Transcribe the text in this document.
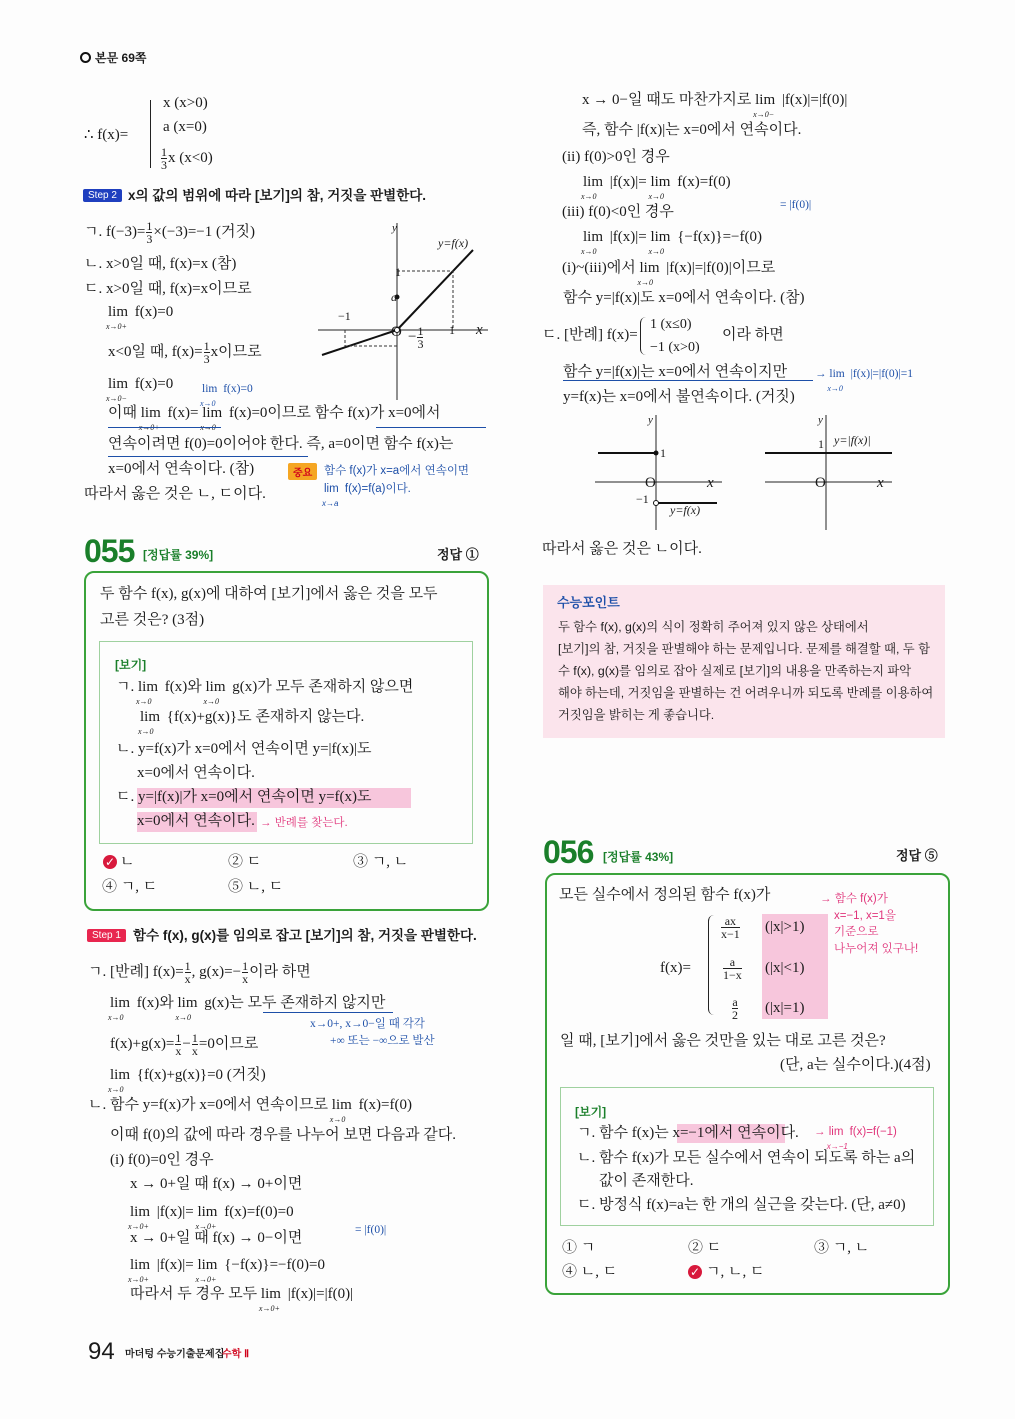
본문 69쪽
∴ f(x)=
x (x>0)
a (x=0)
$\frac{1}{3}$ x (x<0)
Step 2 x의 값의 범위에 따라 [보기]의 참, 거짓을 판별한다.
ㄱ. $f(-3)= \frac{1}{3} \times(-3)=-1$ (거짓)
ㄴ. x>0일 때, f(x)=x (참)
ㄷ. x>0일 때, f(x)=x이므로
lim
x→0+
f(x)=0
x<0일 때, $f(x)= \frac{1}{3}$ x이므로
lim
x→0−
f(x)=0
이때 lim
x→0+
f(x)= lim
x→0−
f(x)=0이므로 함수 f(x)가 x=0에서
연속이려면 f(0)=0이어야 한다. 즉, a=0이면 함수 f(x)는
x=0에서 연속이다. (참)
따라서 옳은 것은 ㄴ, ㄷ이다.
lim
x→0
f(x)=0
중요	함수 f(x)가 x=a에서 연속이면
lim
x→a
f(x)=f(a)이다.
y
x
O
1
a
−1
1
− $\frac{1}{3}$
y=f(x)
055 [정답률 39%]	정답 ①
두 함수 f(x), g(x)에 대하여 [보기]에서 옳은 것을 모두
고른 것은? (3점)
[보기]
ㄱ. lim
x→0
f(x)와 lim
x→0
g(x)가 모두 존재하지 않으면
lim
x→0
{f(x)+g(x)}도 존재하지 않는다.
ㄴ. y=f(x)가 x=0에서 연속이면 y=|f(x)|도
x=0에서 연속이다.
ㄷ. y=|f(x)|가 x=0에서 연속이면 y=f(x)도
x=0에서 연속이다. → 반례를 찾는다.
✓ ㄴ	② ㄷ	③ ㄱ, ㄴ
④ ㄱ, ㄷ	⑤ ㄴ, ㄷ
Step 1 함수 f(x), g(x)를 임의로 잡고 [보기]의 참, 거짓을 판별한다.
ㄱ. [반례] $f(x)= \frac{1}{x}$ , $g(x)=- \frac{1}{x}$ 이라 하면
lim
x→0
f(x)와 lim
x→0
g(x)는 모두 존재하지 않지만
x→0+, x→0−일 때 각각
$f(x)+g(x)= \frac{1}{x} - \frac{1}{x} =0$이므로	+∞ 또는 −∞으로 발산
lim
x→0
{f(x)+g(x)}=0 (거짓)
ㄴ. 함수 y=f(x)가 x=0에서 연속이므로 lim
x→0
f(x)=f(0)
이때 f(0)의 값에 따라 경우를 나누어 보면 다음과 같다.
(i) f(0)=0인 경우
x → 0+일 때 f(x) → 0+이면
lim
x→0+
|f(x)|= lim
x→0+
f(x)=f(0)=0
= |f(0)|
x → 0+일 때 f(x) → 0−이면
lim
x→0+
|f(x)|= lim
x→0+
{−f(x)}=−f(0)=0
따라서 두 경우 모두 lim
x→0+
|f(x)|=|f(0)|
x → 0−일 때도 마찬가지로 lim
x→0−
|f(x)|=|f(0)|
즉, 함수 |f(x)|는 x=0에서 연속이다.
(ii) f(0)>0인 경우
lim
x→0
|f(x)|= lim
x→0
f(x)=f(0)
= |f(0)|
(iii) f(0)<0인 경우
lim
x→0
|f(x)|= lim
x→0
{−f(x)}=−f(0)
(i)~(iii)에서 lim
x→0
|f(x)|=|f(0)|이므로
함수 y=|f(x)|도 x=0에서 연속이다. (참)
ㄷ. [반례] f(x)=
1 (x≤0)
−1 (x>0)
이라 하면
함수 y=|f(x)|는 x=0에서 연속이지만 → lim
x→0
|f(x)|=|f(0)|=1
y=f(x)는 x=0에서 불연속이다. (거짓)
y
x
O
1
−1
y=f(x)
y
x
O
1 y=|f(x)|
따라서 옳은 것은 ㄴ이다.
수능포인트
두 함수 f(x), g(x)의 식이 정확히 주어져 있지 않은 상태에서
[보기]의 참, 거짓을 판별해야 하는 문제입니다. 문제를 해결할 때, 두 함
수 f(x), g(x)를 임의로 잡아 실제로 [보기]의 내용을 만족하는지 파악
해야 하는데, 거짓임을 판별하는 건 어려우니까 되도록 반례를 이용하여
거짓임을 밝히는 게 좋습니다.
056 [정답률 43%]	정답 ⑤
모든 실수에서 정의된 함수 f(x)가
f(x)=
$\frac{ax}{x-1} (|x|>1)$
$\frac{a}{1-x} (|x|<1)$
$\frac{a}{2} (|x|=1)$
→ 함수 f(x)가
x=−1, x=1을
기준으로
나누어져 있구나!
일 때, [보기]에서 옳은 것만을 있는 대로 고른 것은?
(단, a는 실수이다.)(4점)
[보기]
ㄱ. 함수 f(x)는 x=−1에서 연속이다. → lim
x→−1
f(x)=f(−1)
ㄴ. 함수 f(x)가 모든 실수에서 연속이 되도록 하는 a의
값이 존재한다.
ㄷ. 방정식 f(x)=a는 한 개의 실근을 갖는다. (단, a≠0)
① ㄱ	② ㄷ	③ ㄱ, ㄴ
④ ㄴ, ㄷ	✓ ㄱ, ㄴ, ㄷ
94 마더텅 수능기출문제집
수학 Ⅱ
